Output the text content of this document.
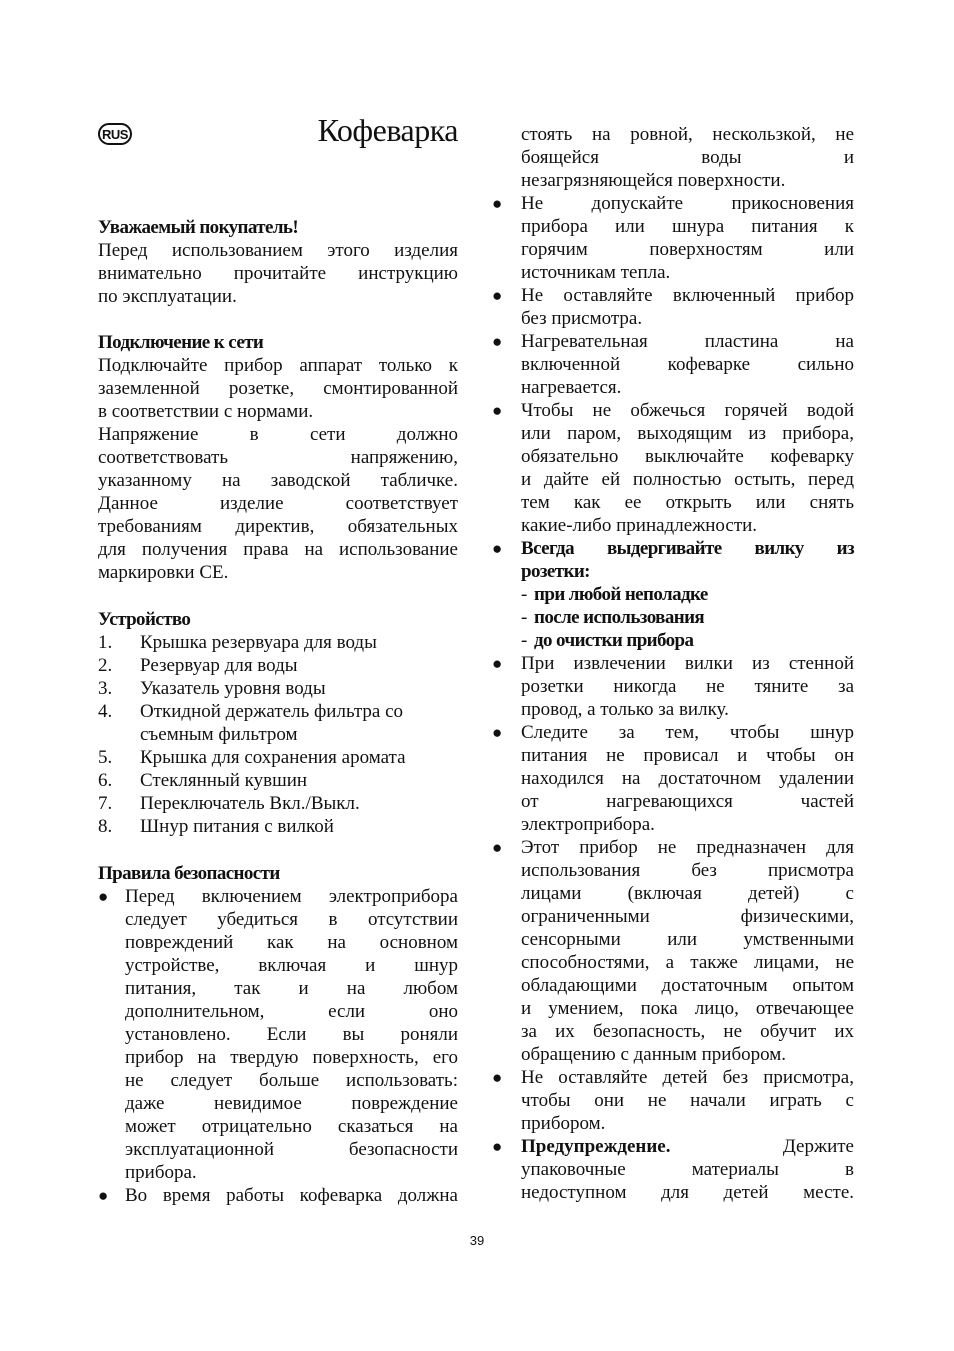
RUS	Кофеварка
Уважаемый покупатель!
Перед использованием этого изделия
внимательно прочитайте инструкцию
по эксплуатации.
Подключение к сети
Подключайте прибор аппарат только к
заземленной розетке, смонтированной
в соответствии с нормами.
Напряжение в сети должно
соответствовать напряжению,
указанному на заводской табличке.
Данное изделие соответствует
требованиям директив, обязательных
для получения права на использование
маркировки CE.
Устройство
1. Крышка резервуара для воды
2. Резервуар для воды
3. Указатель уровня воды
4. Откидной держатель фильтра со
съемным фильтром
5. Крышка для сохранения аромата
6. Стеклянный кувшин
7. Переключатель Вкл./Выкл.
8. Шнур питания с вилкой
Правила безопасности
● Перед включением электроприбора
следует убедиться в отсутствии
повреждений как на основном
устройстве, включая и шнур
питания, так и на любом
дополнительном, если оно
установлено. Если вы роняли
прибор на твердую поверхность, его
не следует больше использовать:
даже невидимое повреждение
может отрицательно сказаться на
эксплуатационной безопасности
прибора.
● Во время работы кофеварка должна
стоять на ровной, нескользкой, не
боящейся воды и
незагрязняющейся поверхности.
● Не допускайте прикосновения
прибора или шнура питания к
горячим поверхностям или
источникам тепла.
● Не оставляйте включенный прибор
без присмотра.
● Нагревательная пластина на
включенной кофеварке сильно
нагревается.
● Чтобы не обжечься горячей водой
или паром, выходящим из прибора,
обязательно выключайте кофеварку
и дайте ей полностью остыть, перед
тем как ее открыть или снять
какие-либо принадлежности.
● Всегда выдергивайте вилку из
розетки:
- при любой неполадке
- после использования
- до очистки прибора
● При извлечении вилки из стенной
розетки никогда не тяните за
провод, а только за вилку.
● Следите за тем, чтобы шнур
питания не провисал и чтобы он
находился на достаточном удалении
от нагревающихся частей
электроприбора.
● Этот прибор не предназначен для
использования без присмотра
лицами (включая детей) с
ограниченными физическими,
сенсорными или умственными
способностями, а также лицами, не
обладающими достаточным опытом
и умением, пока лицо, отвечающее
за их безопасность, не обучит их
обращению с данным прибором.
● Не оставляйте детей без присмотра,
чтобы они не начали играть с
прибором.
● Предупреждение.	Держите
упаковочные материалы в
недоступном для детей месте.
39
